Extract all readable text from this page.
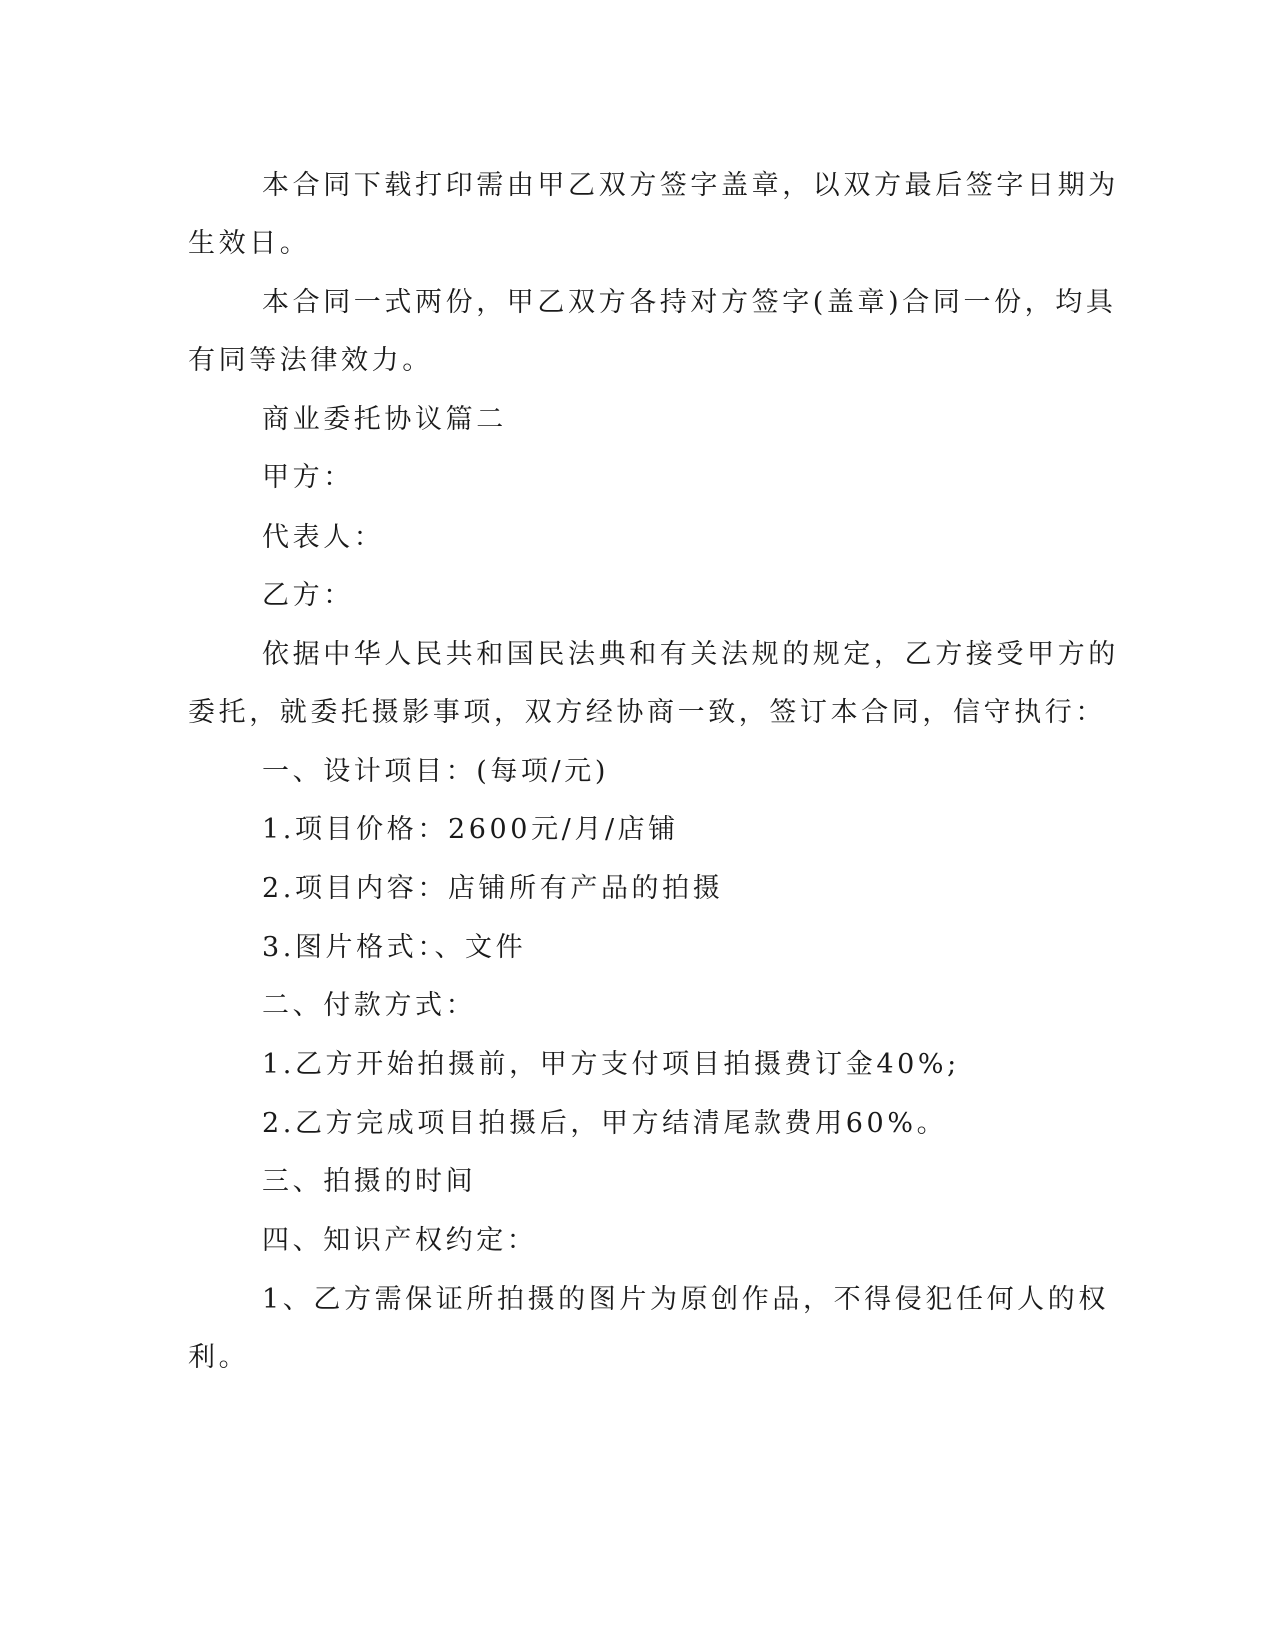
本合同下载打印需由甲乙双方签字盖章，以双方最后签字日期为

生效日。

本合同一式两份，甲乙双方各持对方签字(盖章)合同一份，均具

有同等法律效力。

商业委托协议篇二

甲方：

代表人：

乙方：

依据中华人民共和国民法典和有关法规的规定，乙方接受甲方的

委托，就委托摄影事项，双方经协商一致，签订本合同，信守执行：

一、设计项目：(每项/元)

1.项目价格：2600元/月/店铺

2.项目内容：店铺所有产品的拍摄

3.图片格式：、文件

二、付款方式：

1.乙方开始拍摄前，甲方支付项目拍摄费订金40%;

2.乙方完成项目拍摄后，甲方结清尾款费用60%。

三、拍摄的时间

四、知识产权约定：

1、乙方需保证所拍摄的图片为原创作品，不得侵犯任何人的权

利。
